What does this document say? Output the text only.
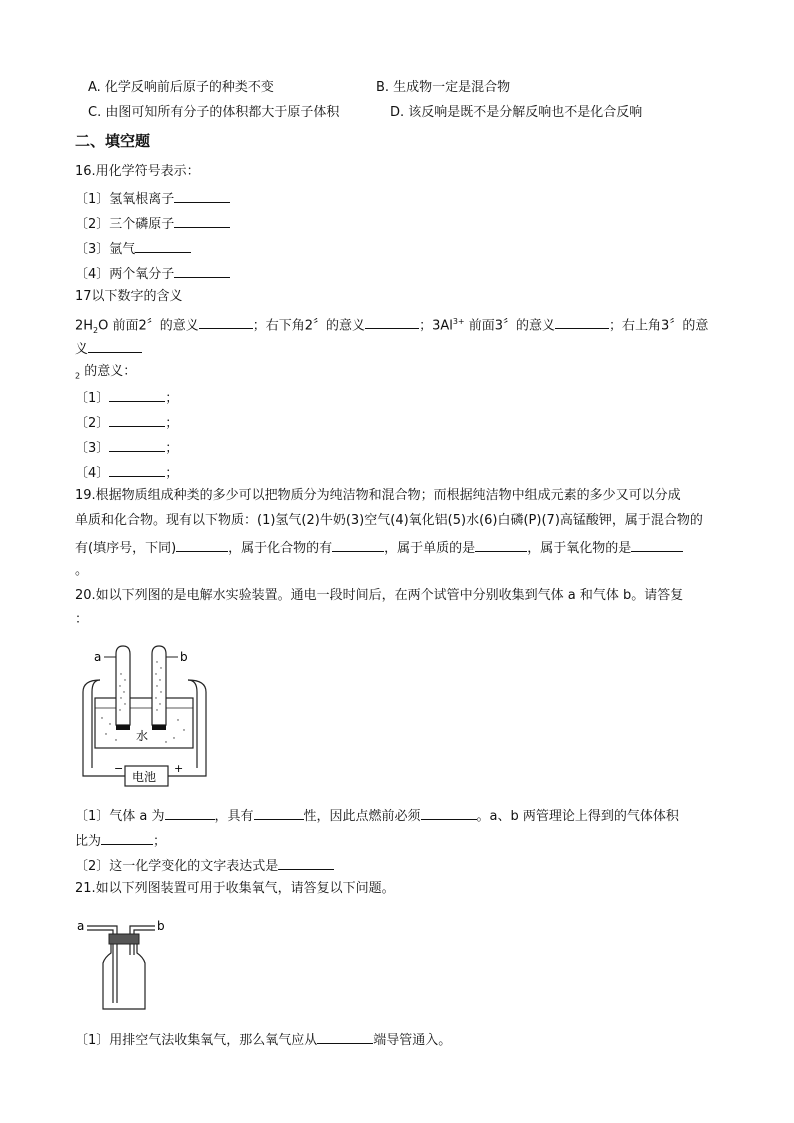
A. 化学反响前后原子的种类不变	B. 生成物一定是混合物
C. 由图可知所有分子的体积都大于原子体积	D. 该反响是既不是分解反响也不是化合反响
二、填空题
16.用化学符号表示：
〔1〕氢氧根离子
〔2〕三个磷原子
〔3〕氩气
〔4〕两个氧分子
17以下数字的含义
$2H_2O$ 前面2〞的意义	；右下角2〞的意义	；$3Al^{3+}$ 前面3〞的意义	；右上角3〞的意
义
$_2$ 的意义：
〔1〕	；
〔2〕	；
〔3〕	；
〔4〕	；
19.根据物质组成种类的多少可以把物质分为纯洁物和混合物；而根据纯洁物中组成元素的多少又可以分成
单质和化合物。现有以下物质：(1)氢气(2)牛奶(3)空气(4)氧化铝(5)水(6)白磷(P)(7)高锰酸钾，属于混合物的
有(填序号，下同)	，属于化合物的有	，属于单质的是	，属于氧化物的是
。
20.如以下列图的是电解水实验装置。通电一段时间后，在两个试管中分别收集到气体 a 和气体 b。请答复
：
a	b
水
电池
−	+
〔1〕气体 a 为	，具有	性，因此点燃前必须	。a、b 两管理论上得到的气体体积
比为	；
〔2〕这一化学变化的文字表达式是
21.如以下列图装置可用于收集氧气，请答复以下问题。
a	b
〔1〕用排空气法收集氧气，那么氧气应从	端导管通入。
